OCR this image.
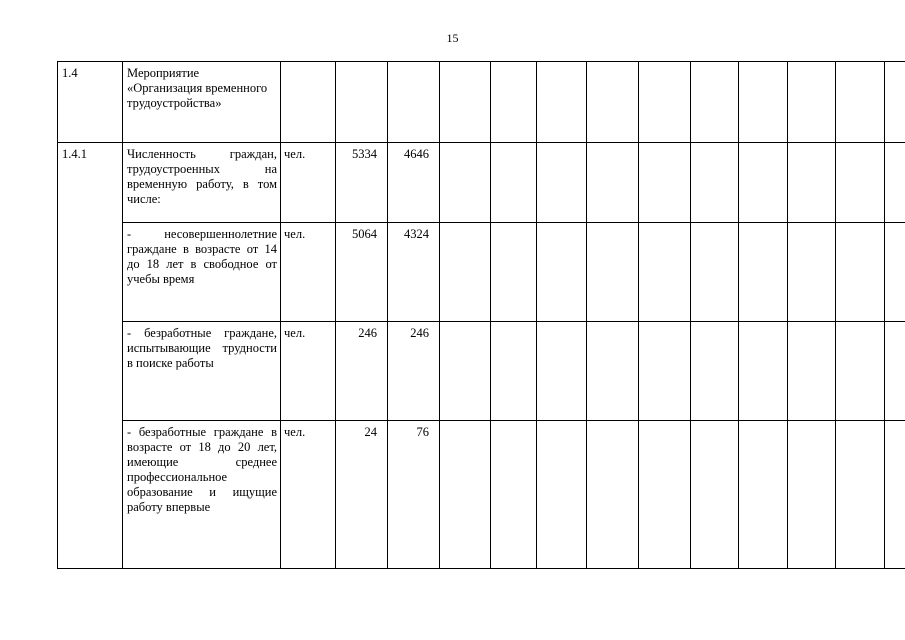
15
1.4	Мероприятие «Организация временного трудоустройства»													
1.4.1	Численность граждан, трудоустроенных на временную работу, в том числе:	чел.	5334	4646										
	- несовершеннолетние граждане в возрасте от 14 до 18 лет в свободное от учебы время	чел.	5064	4324										
	- безработные граждане, испытывающие трудности в поиске работы	чел.	246	246										
	- безработные граждане в возрасте от 18 до 20 лет, имеющие среднее профессиональное образование и ищущие работу впервые	чел.	24	76										
